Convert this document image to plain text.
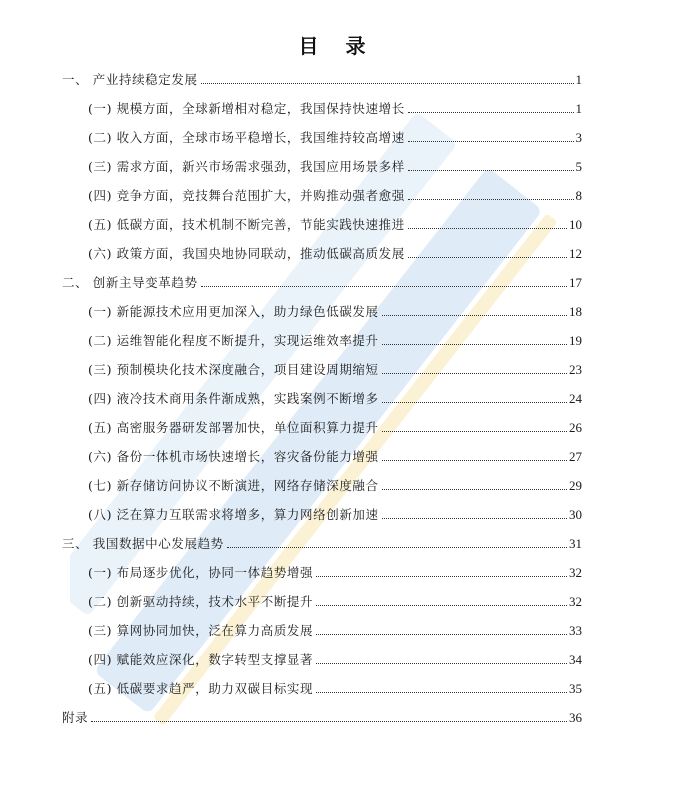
目 录
一、 产业持续稳定发展	1
(一) 规模方面，全球新增相对稳定，我国保持快速增长	1
(二) 收入方面，全球市场平稳增长，我国维持较高增速	3
(三) 需求方面，新兴市场需求强劲，我国应用场景多样	5
(四) 竞争方面，竞技舞台范围扩大，并购推动强者愈强	8
(五) 低碳方面，技术机制不断完善，节能实践快速推进	10
(六) 政策方面，我国央地协同联动，推动低碳高质发展	12
二、 创新主导变革趋势	17
(一) 新能源技术应用更加深入，助力绿色低碳发展	18
(二) 运维智能化程度不断提升，实现运维效率提升	19
(三) 预制模块化技术深度融合，项目建设周期缩短	23
(四) 液冷技术商用条件渐成熟，实践案例不断增多	24
(五) 高密服务器研发部署加快，单位面积算力提升	26
(六) 备份一体机市场快速增长，容灾备份能力增强	27
(七) 新存储访问协议不断演进，网络存储深度融合	29
(八) 泛在算力互联需求将增多，算力网络创新加速	30
三、 我国数据中心发展趋势	31
(一) 布局逐步优化，协同一体趋势增强	32
(二) 创新驱动持续，技术水平不断提升	32
(三) 算网协同加快，泛在算力高质发展	33
(四) 赋能效应深化，数字转型支撑显著	34
(五) 低碳要求趋严，助力双碳目标实现	35
附录	36
